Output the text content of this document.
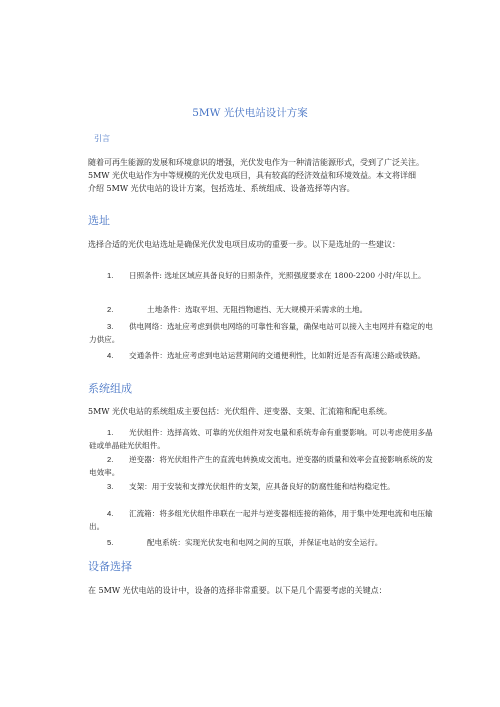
5MW 光伏电站设计方案
引言
随着可再生能源的发展和环境意识的增强，光伏发电作为一种清洁能源形式，受到了广泛关注。5MW 光伏电站作为中等规模的光伏发电项目，具有较高的经济效益和环境效益。本文将详细介绍 5MW 光伏电站的设计方案，包括选址、系统组成、设备选择等内容。
选址
选择合适的光伏电站选址是确保光伏发电项目成功的重要一步。以下是选址的一些建议：
1. 日照条件: 选址区域应具备良好的日照条件，光照强度要求在 1800-2200 小时/年以上。
2.	土地条件：选取平坦、无阻挡物遮挡、无大规模开采需求的土地。
3. 供电网络：选址应考虑到供电网络的可靠性和容量，确保电站可以接入主电网并有稳定的电力供应。
4. 交通条件：选址应考虑到电站运营期间的交通便利性，比如附近是否有高速公路或铁路。
系统组成
5MW 光伏电站的系统组成主要包括：光伏组件、逆变器、支架、汇流箱和配电系统。
1. 光伏组件：选择高效、可靠的光伏组件对发电量和系统寿命有重要影响。可以考虑使用多晶硅或单晶硅光伏组件。
2. 逆变器：将光伏组件产生的直流电转换成交流电。逆变器的质量和效率会直接影响系统的发电效率。
3. 支架：用于安装和支撑光伏组件的支架，应具备良好的防腐性能和结构稳定性。
4. 汇流箱：将多组光伏组件串联在一起并与逆变器相连接的箱体，用于集中处理电流和电压输出。
5.	配电系统：实现光伏发电和电网之间的互联，并保证电站的安全运行。
设备选择
在 5MW 光伏电站的设计中，设备的选择非常重要。以下是几个需要考虑的关键点：
